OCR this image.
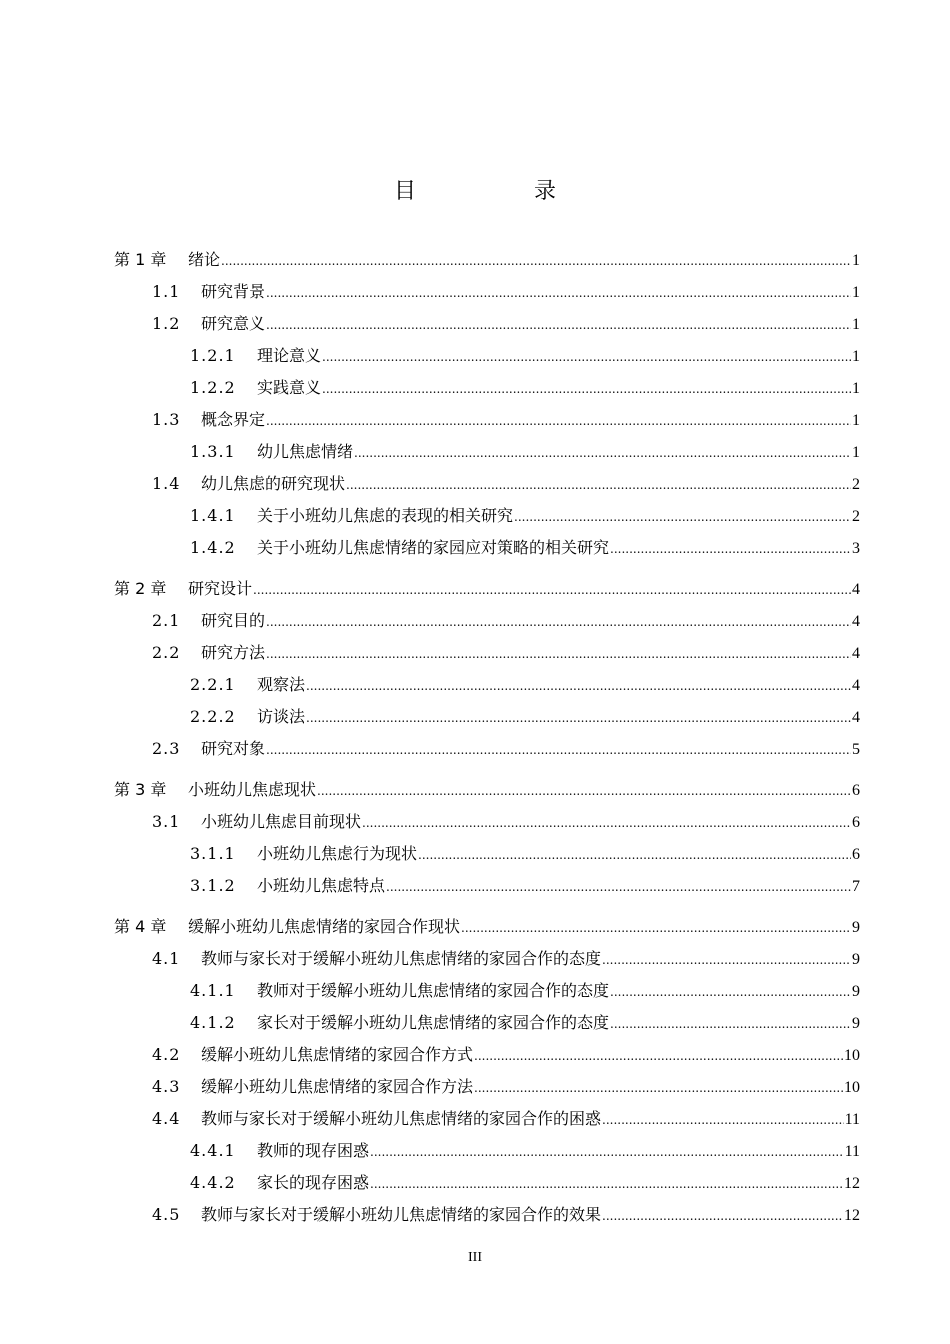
目　录
第 1 章	绪论 .....	1
1.1	研究背景 .....	1
1.2	研究意义 .....	1
1.2.1	理论意义 .....	1
1.2.2	实践意义 .....	1
1.3	概念界定 .....	1
1.3.1	幼儿焦虑情绪 .....	1
1.4	幼儿焦虑的研究现状 .....	2
1.4.1	关于小班幼儿焦虑的表现的相关研究 .....	2
1.4.2	关于小班幼儿焦虑情绪的家园应对策略的相关研究 .....	3
第 2 章	研究设计 .....	4
2.1	研究目的 .....	4
2.2	研究方法 .....	4
2.2.1	观察法 .....	4
2.2.2	访谈法 .....	4
2.3	研究对象 .....	5
第 3 章	小班幼儿焦虑现状 .....	6
3.1	小班幼儿焦虑目前现状 .....	6
3.1.1	小班幼儿焦虑行为现状 .....	6
3.1.2	小班幼儿焦虑特点 .....	7
第 4 章	缓解小班幼儿焦虑情绪的家园合作现状 .....	9
4.1	教师与家长对于缓解小班幼儿焦虑情绪的家园合作的态度 .....	9
4.1.1	教师对于缓解小班幼儿焦虑情绪的家园合作的态度 .....	9
4.1.2	家长对于缓解小班幼儿焦虑情绪的家园合作的态度 .....	9
4.2	缓解小班幼儿焦虑情绪的家园合作方式 .....	10
4.3	缓解小班幼儿焦虑情绪的家园合作方法 .....	10
4.4	教师与家长对于缓解小班幼儿焦虑情绪的家园合作的困惑 .....	11
4.4.1	教师的现存困惑 .....	11
4.4.2	家长的现存困惑 .....	12
4.5	教师与家长对于缓解小班幼儿焦虑情绪的家园合作的效果 .....	12
III
